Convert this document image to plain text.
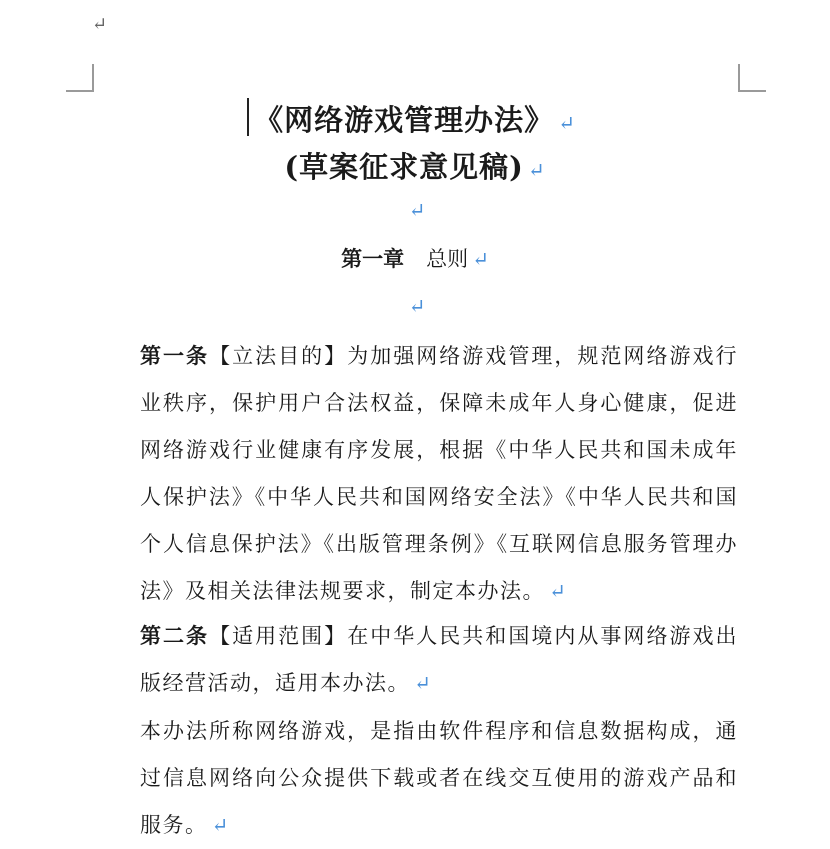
↵
《网络游戏管理办法》 ↵
(草案征求意见稿) ↵
↵
第一章 总则 ↵
↵
第一条【立法目的】为加强网络游戏管理，规范网络游戏行业秩序，保护用户合法权益，保障未成年人身心健康，促进网络游戏行业健康有序发展，根据《中华人民共和国未成年人保护法》《中华人民共和国网络安全法》《中华人民共和国个人信息保护法》《出版管理条例》《互联网信息服务管理办法》及相关法律法规要求，制定本办法。 ↵
第二条【适用范围】在中华人民共和国境内从事网络游戏出版经营活动，适用本办法。 ↵
本办法所称网络游戏，是指由软件程序和信息数据构成，通过信息网络向公众提供下载或者在线交互使用的游戏产品和服务。 ↵
